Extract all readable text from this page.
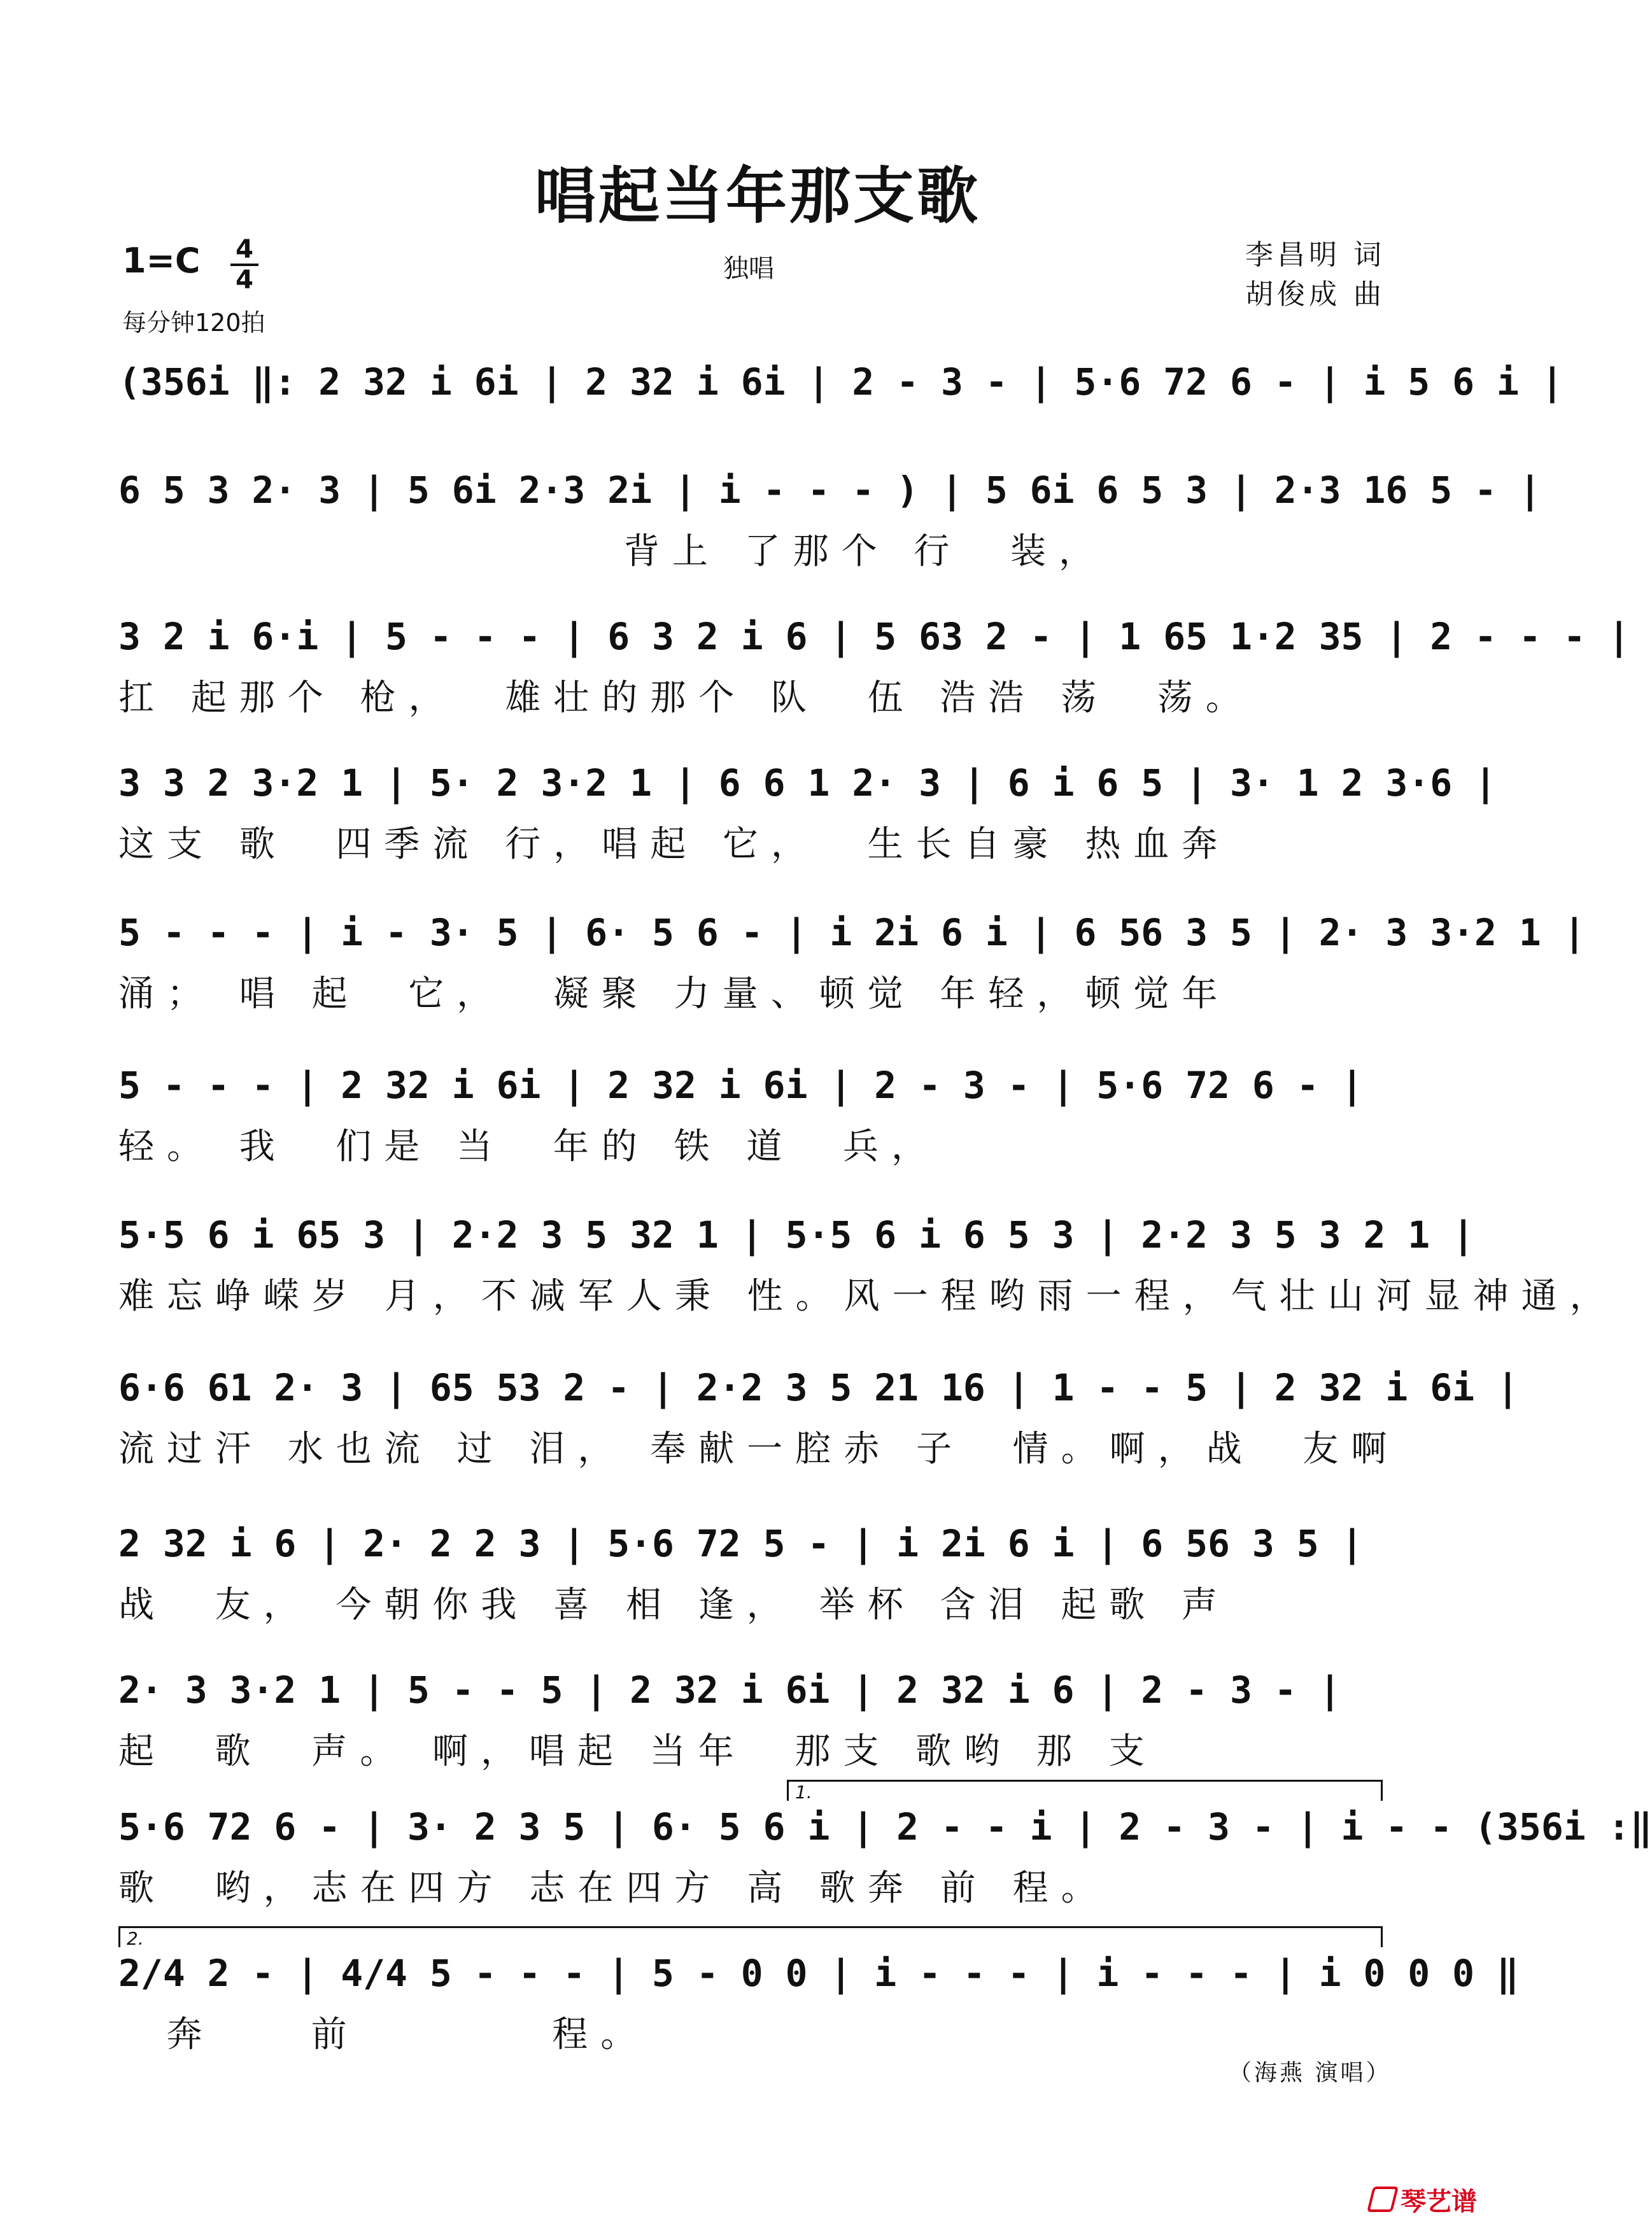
唱起当年那支歌
1=C 4
4
每分钟120拍
独唱	李昌明 词
胡俊成 曲
(356i ‖: 2 32 i 6i | 2 32 i 6i | 2 - 3 - | 5·6 72 6 - | i 5 6 i |
6 5 3 2· 3 | 5 6i 2·3 2i | i - - - ) | 5 6i 6 5 3 | 2·3 16 5 - |
背上 了那个 行  装，
3 2 i 6·i | 5 - - - | 6 3 2 i 6 | 5 63 2 - | 1 65 1·2 35 | 2 - - - |
扛 起那个 枪，  雄壮的那个 队  伍 浩浩 荡  荡。
3 3 2 3·2 1 | 5· 2 3·2 1 | 6 6 1 2· 3 | 6 i 6 5 | 3· 1 2 3·6 |
这支 歌  四季流 行，唱起 它，  生长自豪 热血奔
5 - - - | i - 3· 5 | 6· 5 6 - | i 2i 6 i | 6 56 3 5 | 2· 3 3·2 1 |
涌； 唱 起  它，  凝聚 力量、顿觉 年轻，顿觉年
5 - - - | 2 32 i 6i | 2 32 i 6i | 2 - 3 - | 5·6 72 6 - |
轻。 我  们是 当  年的 铁 道  兵，
5·5 6 i 65 3 | 2·2 3 5 32 1 | 5·5 6 i 6 5 3 | 2·2 3 5 3 2 1 |
难忘峥嵘岁 月，不减军人秉 性。风一程哟雨一程，气壮山河显神通，
6·6 61 2· 3 | 65 53 2 - | 2·2 3 5 21 16 | 1 - - 5 | 2 32 i 6i |
流过汗 水也流 过 泪， 奉献一腔赤 子  情。啊，战  友啊
2 32 i 6 | 2· 2 2 3 | 5·6 72 5 - | i 2i 6 i | 6 56 3 5 |
战  友， 今朝你我 喜 相 逢， 举杯 含泪 起歌 声
2· 3 3·2 1 | 5 - - 5 | 2 32 i 6i | 2 32 i 6 | 2 - 3 - |
起  歌  声。 啊，唱起 当年  那支 歌哟 那 支
1.
5·6 72 6 - | 3· 2 3 5 | 6· 5 6 i | 2 - - i | 2 - 3 - | i - - (356i :‖
歌  哟，志在四方 志在四方 高 歌奔 前 程。
2.
2/4 2 - | 4/4 5 - - - | 5 - 0 0 | i - - - | i - - - | i 0 0 0 ‖
奔    前        程。
（海燕 演唱）
琴艺谱
